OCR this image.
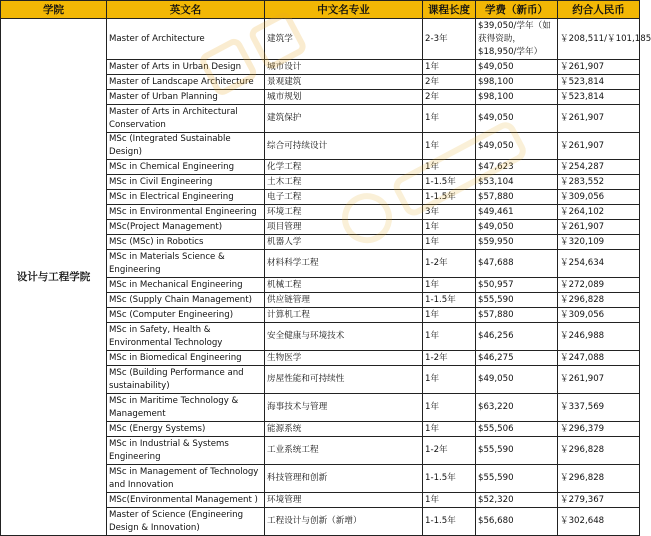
学院	英文名	中文名专业	课程长度	学费（新币）	约合人民币
设计与工程学院	Master of Architecture	建筑学	2-3年	$39,050/学年（如获得资助，$18,950/学年）	￥208,511/￥101,185
	Master of Arts in Urban Design	城市设计	1年	$49,050	￥261,907
	Master of Landscape Architecture	景观建筑	2年	$98,100	￥523,814
	Master of Urban Planning	城市规划	2年	$98,100	￥523,814
	Master of Arts in Architectural Conservation	建筑保护	1年	$49,050	￥261,907
	MSc (Integrated Sustainable Design)	综合可持续设计	1年	$49,050	￥261,907
	MSc in Chemical Engineering	化学工程	1年	$47,623	￥254,287
	MSc in Civil Engineering	土木工程	1-1.5年	$53,104	￥283,552
	MSc in Electrical Engineering	电子工程	1-1.5年	$57,880	￥309,056
	MSc in Environmental Engineering	环境工程	3年	$49,461	￥264,102
	MSc(Project Management)	项目管理	1年	$49,050	￥261,907
	MSc (MSc) in Robotics	机器人学	1年	$59,950	￥320,109
	MSc in Materials Science & Engineering	材料科学工程	1-2年	$47,688	￥254,634
	MSc in Mechanical Engineering	机械工程	1年	$50,957	￥272,089
	MSc (Supply Chain Management)	供应链管理	1-1.5年	$55,590	￥296,828
	MSc (Computer Engineering)	计算机工程	1年	$57,880	￥309,056
	MSc in Safety, Health & Environmental Technology	安全健康与环境技术	1年	$46,256	￥246,988
	MSc in Biomedical Engineering	生物医学	1-2年	$46,275	￥247,088
	MSc (Building Performance and sustainability)	房屋性能和可持续性	1年	$49,050	￥261,907
	MSc in Maritime Technology & Management	海事技术与管理	1年	$63,220	￥337,569
	MSc (Energy Systems)	能源系统	1年	$55,506	￥296,379
	MSc in Industrial & Systems Engineering	工业系统工程	1-2年	$55,590	￥296,828
	MSc in Management of Technology and Innovation	科技管理和创新	1-1.5年	$55,590	￥296,828
	MSc(Environmental Management )	环境管理	1年	$52,320	￥279,367
	Master of Science (Engineering Design & Innovation)	工程设计与创新（新增）	1-1.5年	$56,680	￥302,648
